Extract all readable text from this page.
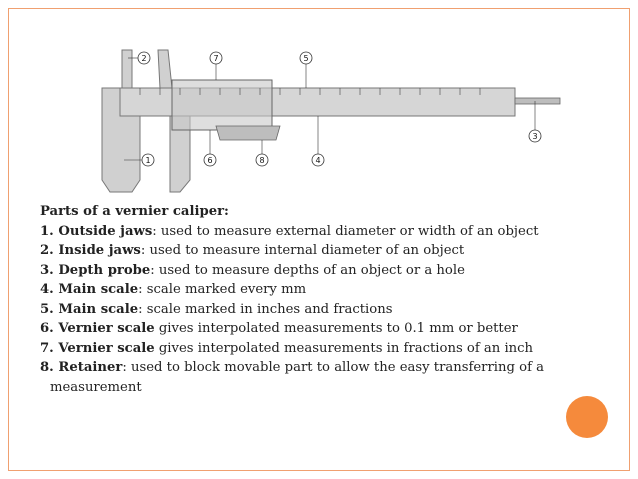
1
2
3
4
5
6
7
8

Parts of a vernier caliper:

1. Outside jaws: used to measure external diameter or width of an object

2. Inside jaws: used to measure internal diameter of an object

3. Depth probe: used to measure depths of an object or a hole

4. Main scale: scale marked every mm

5. Main scale: scale marked in inches and fractions

6. Vernier scale gives interpolated measurements to 0.1 mm or better

7. Vernier scale gives interpolated measurements in fractions of an inch

8. Retainer: used to block movable part to allow the easy transferring of a

measurement
